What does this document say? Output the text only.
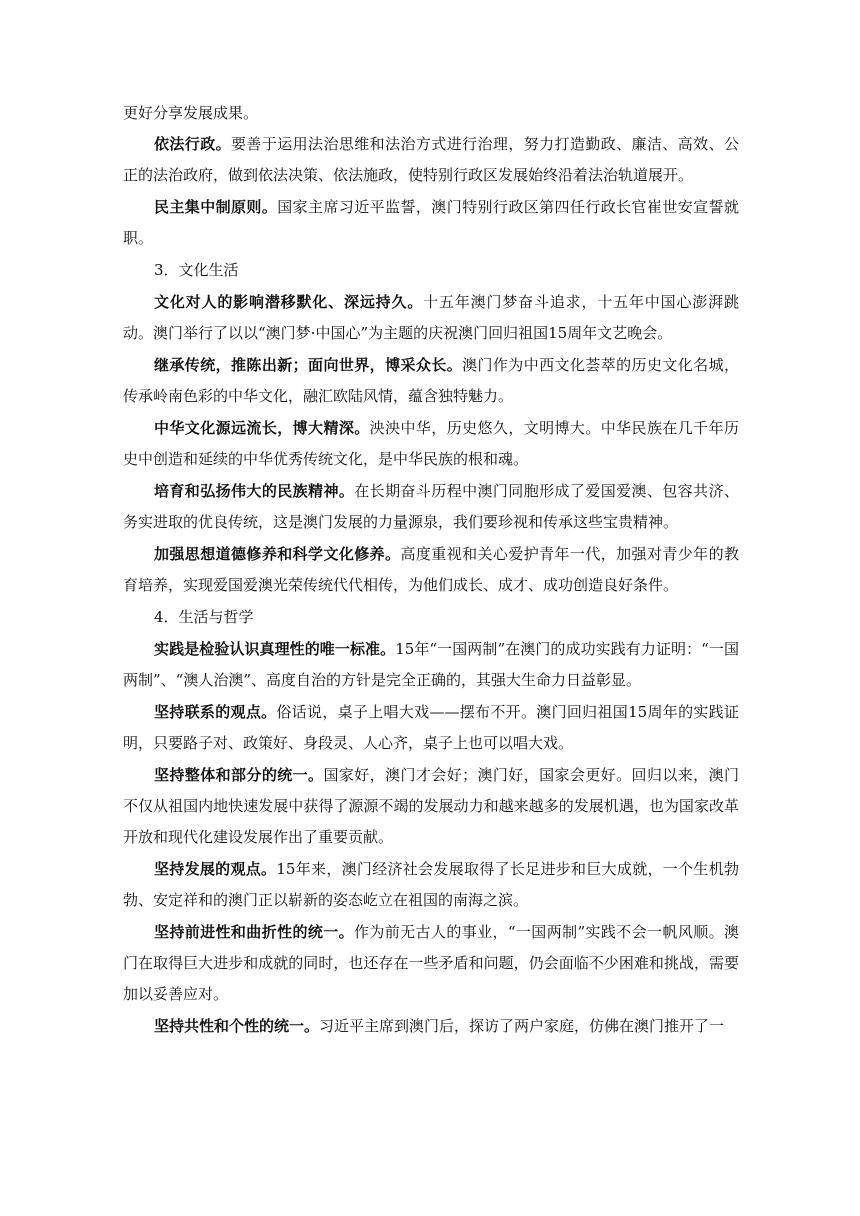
更好分享发展成果。

依法行政。要善于运用法治思维和法治方式进行治理，努力打造勤政、廉洁、高效、公正的法治政府，做到依法决策、依法施政，使特别行政区发展始终沿着法治轨道展开。

民主集中制原则。国家主席习近平监誓，澳门特别行政区第四任行政长官崔世安宣誓就职。

3．文化生活

文化对人的影响潜移默化、深远持久。十五年澳门梦奋斗追求，十五年中国心澎湃跳动。澳门举行了以以“澳门梦·中国心”为主题的庆祝澳门回归祖国15周年文艺晚会。

继承传统，推陈出新；面向世界，博采众长。澳门作为中西文化荟萃的历史文化名城，传承岭南色彩的中华文化，融汇欧陆风情，蕴含独特魅力。

中华文化源远流长，博大精深。泱泱中华，历史悠久，文明博大。中华民族在几千年历史中创造和延续的中华优秀传统文化，是中华民族的根和魂。

培育和弘扬伟大的民族精神。在长期奋斗历程中澳门同胞形成了爱国爱澳、包容共济、务实进取的优良传统，这是澳门发展的力量源泉，我们要珍视和传承这些宝贵精神。

加强思想道德修养和科学文化修养。高度重视和关心爱护青年一代，加强对青少年的教育培养，实现爱国爱澳光荣传统代代相传，为他们成长、成才、成功创造良好条件。

4．生活与哲学

实践是检验认识真理性的唯一标准。15年“一国两制”在澳门的成功实践有力证明：“一国两制”、“澳人治澳”、高度自治的方针是完全正确的，其强大生命力日益彰显。

坚持联系的观点。俗话说，桌子上唱大戏——摆布不开。澳门回归祖国15周年的实践证明，只要路子对、政策好、身段灵、人心齐，桌子上也可以唱大戏。

坚持整体和部分的统一。国家好，澳门才会好；澳门好，国家会更好。回归以来，澳门不仅从祖国内地快速发展中获得了源源不竭的发展动力和越来越多的发展机遇，也为国家改革开放和现代化建设发展作出了重要贡献。

坚持发展的观点。15年来，澳门经济社会发展取得了长足进步和巨大成就，一个生机勃勃、安定祥和的澳门正以崭新的姿态屹立在祖国的南海之滨。

坚持前进性和曲折性的统一。作为前无古人的事业，“一国两制”实践不会一帆风顺。澳门在取得巨大进步和成就的同时，也还存在一些矛盾和问题，仍会面临不少困难和挑战，需要加以妥善应对。

坚持共性和个性的统一。习近平主席到澳门后，探访了两户家庭，仿佛在澳门推开了一
